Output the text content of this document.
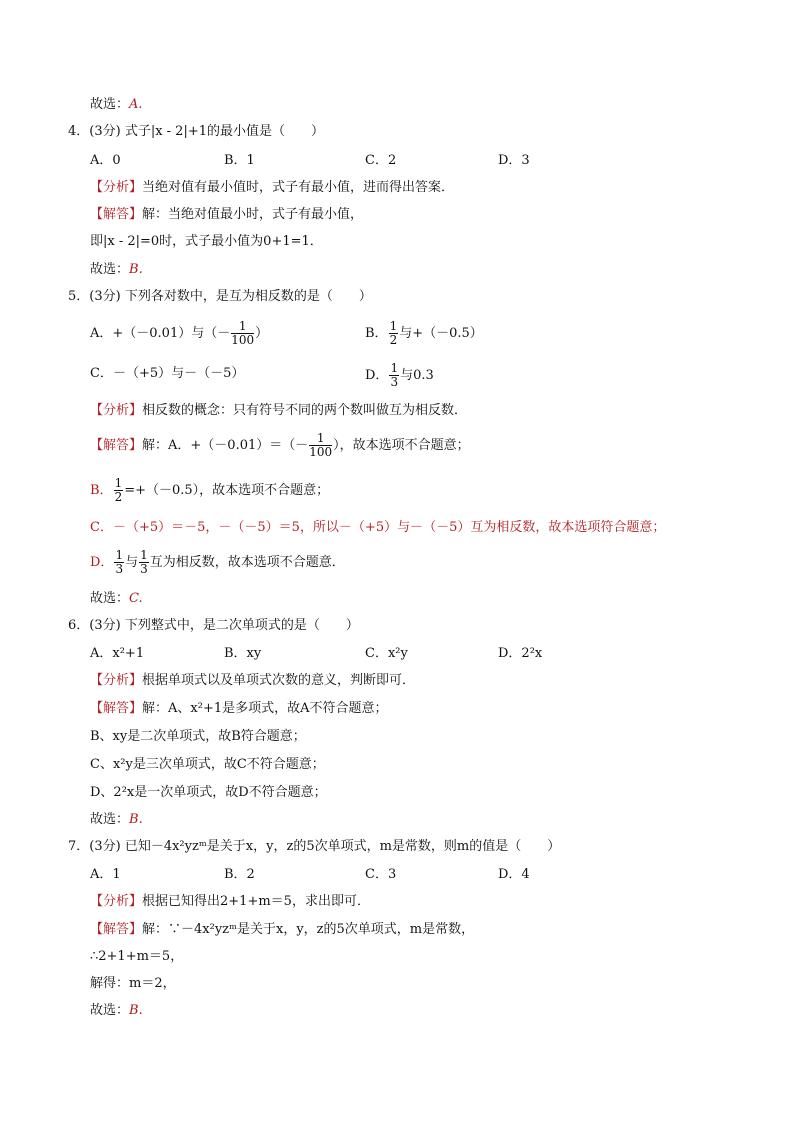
故选：A.
4．(3分) 式子|x - 2|+1的最小值是（　　）
A．0	B．1	C．2	D．3
【分析】当绝对值有最小值时，式子有最小值，进而得出答案．
【解答】解：当绝对值最小时，式子有最小值，
即|x - 2|=0时，式子最小值为0+1=1．
故选：B.
5．(3分) 下列各对数中，是互为相反数的是（　　）
A．+（－0.01）与（－ $\frac{1}{100}$ ）	B． $\frac{1}{2}$ 与+（－0.5）
C．－（+5）与－（－5）	D． $\frac{1}{3}$ 与0.3
【分析】相反数的概念：只有符号不同的两个数叫做互为相反数．
【解答】解：A．$+(-0.01)=(- \frac{1}{100}$ ），故本选项不合题意；
B． $\frac{1}{2} =+(-0.5)$，故本选项不合题意；
C．－（+5）＝－5，－（－5）＝5，所以－（+5）与－（－5）互为相反数，故本选项符合题意；
D． $\frac{1}{3}$ 与 $\frac{1}{3}$ 互为相反数，故本选项不合题意．
故选：C.
6．(3分) 下列整式中，是二次单项式的是（　　）
A．x²+1	B．xy	C．x²y	D．2²x
【分析】根据单项式以及单项式次数的意义，判断即可．
【解答】解：A、x²+1是多项式，故A不符合题意；
B、xy是二次单项式，故B符合题意；
C、x²y是三次单项式，故C不符合题意；
D、2²x是一次单项式，故D不符合题意；
故选：B.
7．(3分) 已知－4x²yzᵐ是关于x，y，z的5次单项式，m是常数，则m的值是（　　）
A．1	B．2	C．3	D．4
【分析】根据已知得出2+1+m＝5，求出即可．
【解答】解：∵－4x²yzᵐ是关于x，y，z的5次单项式，m是常数，
∴2+1+m＝5，
解得：m＝2，
故选：B.
